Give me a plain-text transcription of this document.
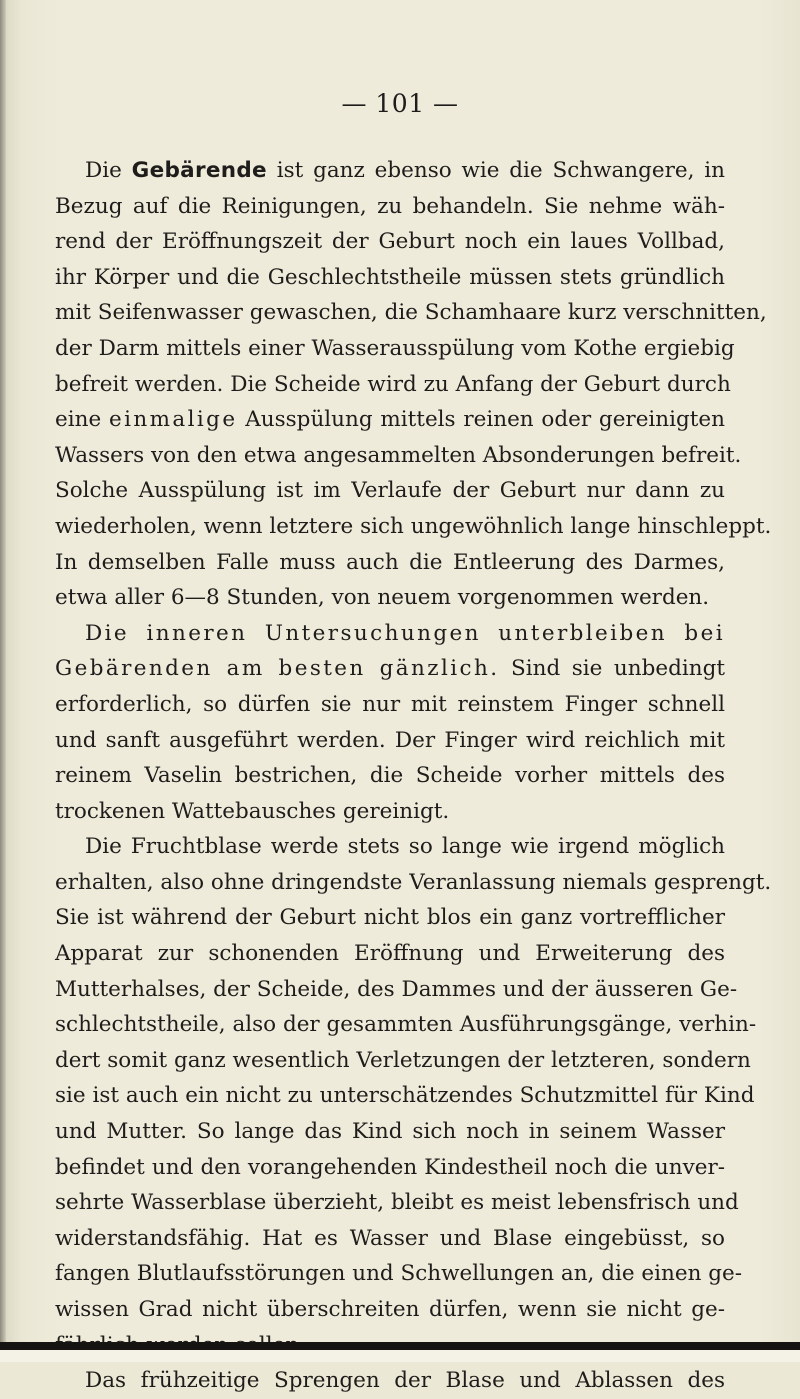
— 101 —
Die Gebärende ist ganz ebenso wie die Schwangere, in
Bezug auf die Reinigungen, zu behandeln. Sie nehme wäh-
rend der Eröffnungszeit der Geburt noch ein laues Vollbad,
ihr Körper und die Geschlechtstheile müssen stets gründlich
mit Seifenwasser gewaschen, die Schamhaare kurz verschnitten,
der Darm mittels einer Wasserausspülung vom Kothe ergiebig
befreit werden. Die Scheide wird zu Anfang der Geburt durch
eine einmalige Ausspülung mittels reinen oder gereinigten
Wassers von den etwa angesammelten Absonderungen befreit.
Solche Ausspülung ist im Verlaufe der Geburt nur dann zu
wiederholen, wenn letztere sich ungewöhnlich lange hinschleppt.
In demselben Falle muss auch die Entleerung des Darmes,
etwa aller 6—8 Stunden, von neuem vorgenommen werden.
Die inneren Untersuchungen unterbleiben bei
Gebärenden am besten gänzlich. Sind sie unbedingt
erforderlich, so dürfen sie nur mit reinstem Finger schnell
und sanft ausgeführt werden. Der Finger wird reichlich mit
reinem Vaselin bestrichen, die Scheide vorher mittels des
trockenen Wattebausches gereinigt.
Die Fruchtblase werde stets so lange wie irgend möglich
erhalten, also ohne dringendste Veranlassung niemals gesprengt.
Sie ist während der Geburt nicht blos ein ganz vortrefflicher
Apparat zur schonenden Eröffnung und Erweiterung des
Mutterhalses, der Scheide, des Dammes und der äusseren Ge-
schlechtstheile, also der gesammten Ausführungsgänge, verhin-
dert somit ganz wesentlich Verletzungen der letzteren, sondern
sie ist auch ein nicht zu unterschätzendes Schutzmittel für Kind
und Mutter. So lange das Kind sich noch in seinem Wasser
befindet und den vorangehenden Kindestheil noch die unver-
sehrte Wasserblase überzieht, bleibt es meist lebensfrisch und
widerstandsfähig. Hat es Wasser und Blase eingebüsst, so
fangen Blutlaufsstörungen und Schwellungen an, die einen ge-
wissen Grad nicht überschreiten dürfen, wenn sie nicht ge-
Das frühzeitige Sprengen der Blase und Ablassen des
